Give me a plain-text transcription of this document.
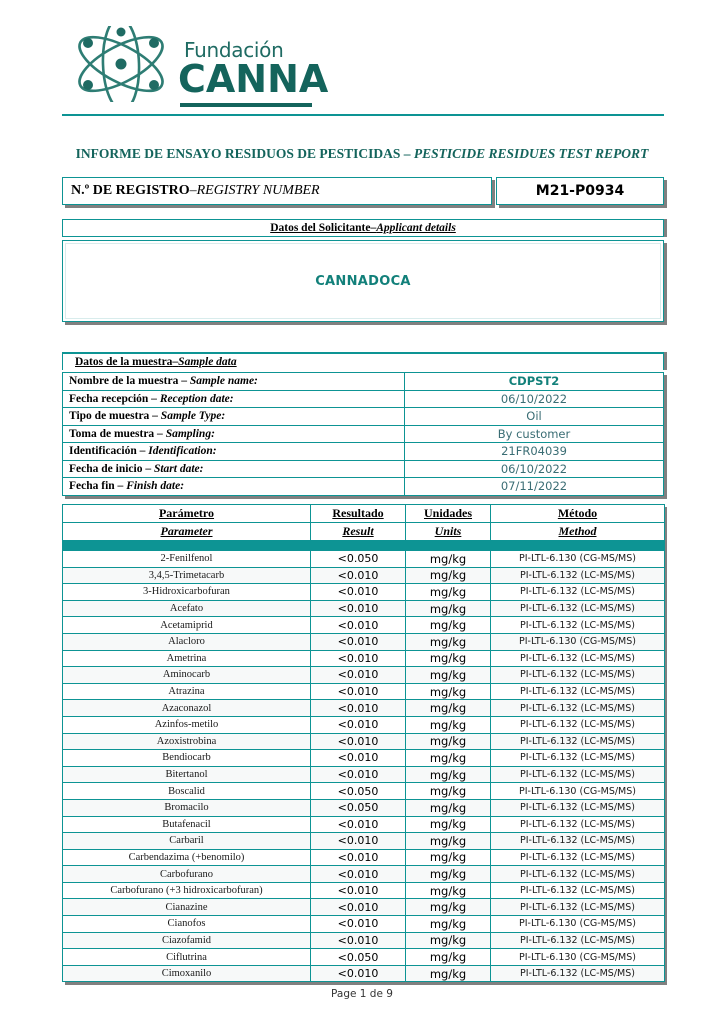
Fundación
CANNA
INFORME DE ENSAYO RESIDUOS DE PESTICIDAS – PESTICIDE RESIDUES TEST REPORT
N.º DE REGISTRO – REGISTRY NUMBER	M21-P0934
Datos del Solicitante – Applicant details
CANNADOCA
Datos de la muestra – Sample data
Nombre de la muestra – Sample name:	CDPST2
Fecha recepción – Reception date:	06/10/2022
Tipo de muestra – Sample Type:	Oil
Toma de muestra – Sampling:	By customer
Identificación – Identification:	21FR04039
Fecha de inicio – Start date:	06/10/2022
Fecha fin – Finish date:	07/11/2022
Parámetro	Resultado	Unidades	Método
Parameter	Result	Units	Method

2-Fenilfenol	<0.050	mg/kg	PI-LTL-6.130 (CG-MS/MS)
3,4,5-Trimetacarb	<0.010	mg/kg	PI-LTL-6.132 (LC-MS/MS)
3-Hidroxicarbofuran	<0.010	mg/kg	PI-LTL-6.132 (LC-MS/MS)
Acefato	<0.010	mg/kg	PI-LTL-6.132 (LC-MS/MS)
Acetamiprid	<0.010	mg/kg	PI-LTL-6.132 (LC-MS/MS)
Alacloro	<0.010	mg/kg	PI-LTL-6.130 (CG-MS/MS)
Ametrina	<0.010	mg/kg	PI-LTL-6.132 (LC-MS/MS)
Aminocarb	<0.010	mg/kg	PI-LTL-6.132 (LC-MS/MS)
Atrazina	<0.010	mg/kg	PI-LTL-6.132 (LC-MS/MS)
Azaconazol	<0.010	mg/kg	PI-LTL-6.132 (LC-MS/MS)
Azinfos-metilo	<0.010	mg/kg	PI-LTL-6.132 (LC-MS/MS)
Azoxistrobina	<0.010	mg/kg	PI-LTL-6.132 (LC-MS/MS)
Bendiocarb	<0.010	mg/kg	PI-LTL-6.132 (LC-MS/MS)
Bitertanol	<0.010	mg/kg	PI-LTL-6.132 (LC-MS/MS)
Boscalid	<0.050	mg/kg	PI-LTL-6.130 (CG-MS/MS)
Bromacilo	<0.050	mg/kg	PI-LTL-6.132 (LC-MS/MS)
Butafenacil	<0.010	mg/kg	PI-LTL-6.132 (LC-MS/MS)
Carbaril	<0.010	mg/kg	PI-LTL-6.132 (LC-MS/MS)
Carbendazima (+benomilo)	<0.010	mg/kg	PI-LTL-6.132 (LC-MS/MS)
Carbofurano	<0.010	mg/kg	PI-LTL-6.132 (LC-MS/MS)
Carbofurano (+3 hidroxicarbofuran)	<0.010	mg/kg	PI-LTL-6.132 (LC-MS/MS)
Cianazine	<0.010	mg/kg	PI-LTL-6.132 (LC-MS/MS)
Cianofos	<0.010	mg/kg	PI-LTL-6.130 (CG-MS/MS)
Ciazofamid	<0.010	mg/kg	PI-LTL-6.132 (LC-MS/MS)
Ciflutrina	<0.050	mg/kg	PI-LTL-6.130 (CG-MS/MS)
Cimoxanilo	<0.010	mg/kg	PI-LTL-6.132 (LC-MS/MS)
Page 1 de 9
